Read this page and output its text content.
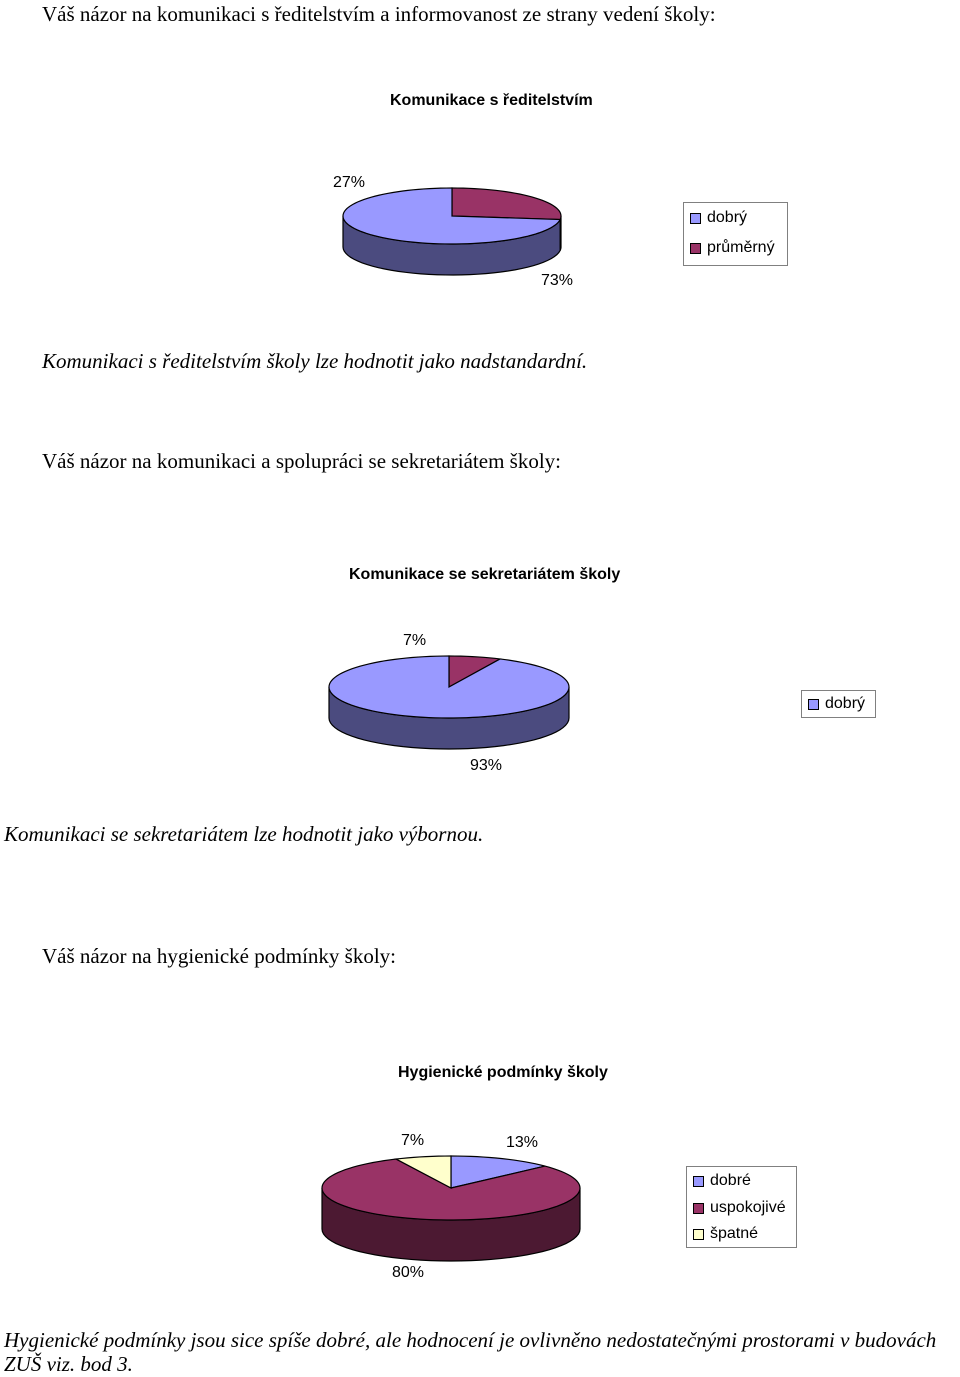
Váš názor na komunikaci s ředitelstvím a informovanost ze strany vedení školy:
Komunikace s ředitelstvím
27%
73%
dobrý
průměrný
Komunikaci s ředitelstvím školy lze hodnotit jako nadstandardní.
Váš názor na komunikaci a spolupráci se sekretariátem školy:
Komunikace se sekretariátem školy
7%
93%
dobrý
Komunikaci se sekretariátem lze hodnotit jako výbornou.
Váš názor na hygienické podmínky školy:
Hygienické podmínky školy
7%	13%
80%
dobré
uspokojivé
špatné
Hygienické podmínky jsou sice spíše dobré, ale hodnocení je ovlivněno nedostatečnými prostorami v budovách
ZUŠ viz. bod 3.
